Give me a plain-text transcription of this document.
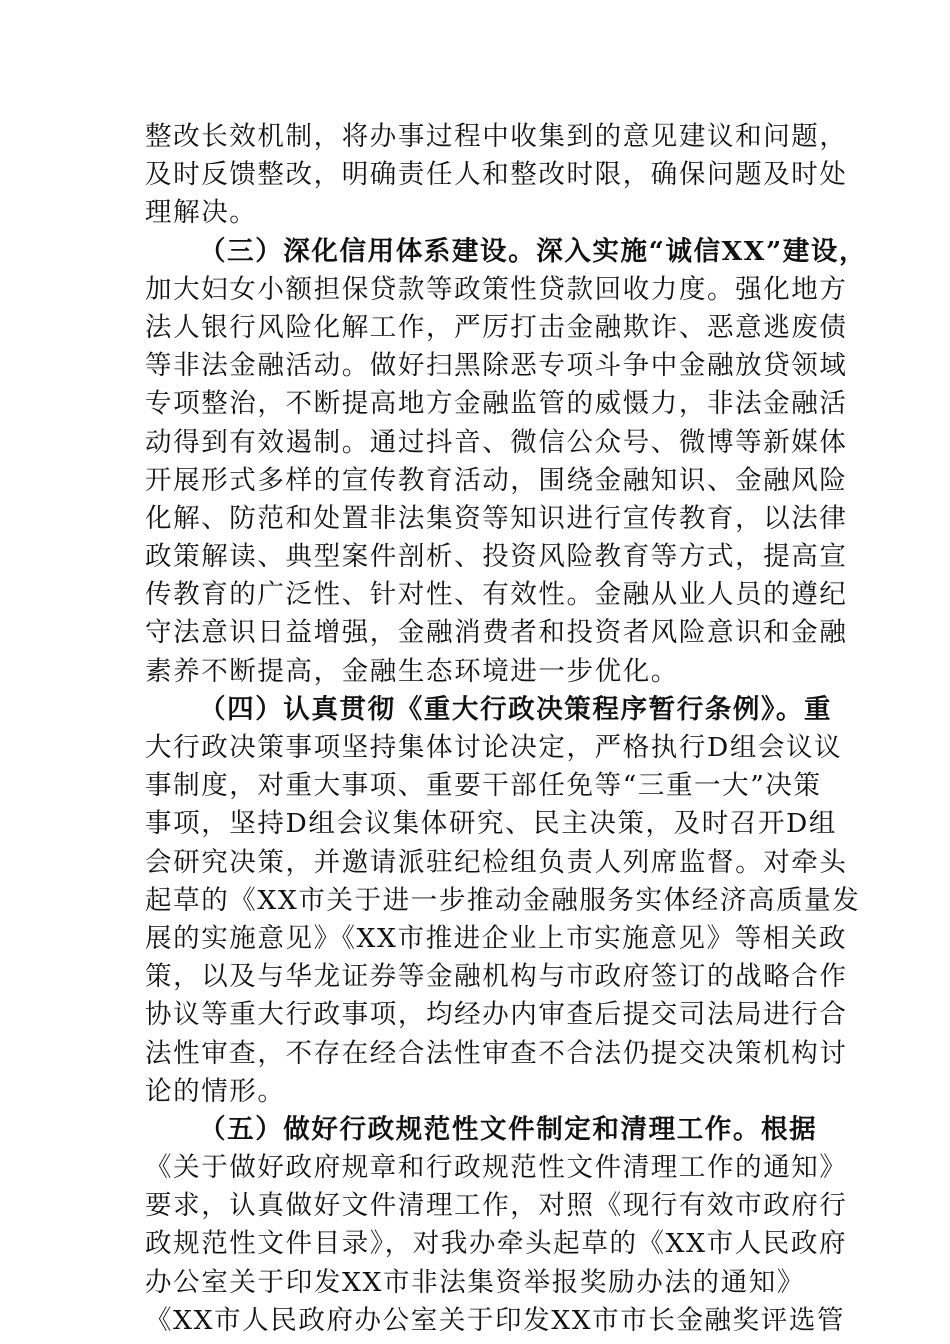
整改长效机制，将办事过程中收集到的意见建议和问题，
及时反馈整改，明确责任人和整改时限，确保问题及时处
理解决。
（三）深化信用体系建设。深入实施“诚信XX”建设，
加大妇女小额担保贷款等政策性贷款回收力度。强化地方
法人银行风险化解工作，严厉打击金融欺诈、恶意逃废债
等非法金融活动。做好扫黑除恶专项斗争中金融放贷领域
专项整治，不断提高地方金融监管的威慑力，非法金融活
动得到有效遏制。通过抖音、微信公众号、微博等新媒体
开展形式多样的宣传教育活动，围绕金融知识、金融风险
化解、防范和处置非法集资等知识进行宣传教育，以法律
政策解读、典型案件剖析、投资风险教育等方式，提高宣
传教育的广泛性、针对性、有效性。金融从业人员的遵纪
守法意识日益增强，金融消费者和投资者风险意识和金融
素养不断提高，金融生态环境进一步优化。
（四）认真贯彻《重大行政决策程序暂行条例》。重
大行政决策事项坚持集体讨论决定，严格执行D组会议议
事制度，对重大事项、重要干部任免等“三重一大”决策
事项，坚持D组会议集体研究、民主决策，及时召开D组
会研究决策，并邀请派驻纪检组负责人列席监督。对牵头
起草的《XX市关于进一步推动金融服务实体经济高质量发
展的实施意见》《XX市推进企业上市实施意见》等相关政
策，以及与华龙证券等金融机构与市政府签订的战略合作
协议等重大行政事项，均经办内审查后提交司法局进行合
法性审查，不存在经合法性审查不合法仍提交决策机构讨
论的情形。
（五）做好行政规范性文件制定和清理工作。根据
《关于做好政府规章和行政规范性文件清理工作的通知》
要求，认真做好文件清理工作，对照《现行有效市政府行
政规范性文件目录》，对我办牵头起草的《XX市人民政府
办公室关于印发XX市非法集资举报奖励办法的通知》
《XX市人民政府办公室关于印发XX市市长金融奖评选管
